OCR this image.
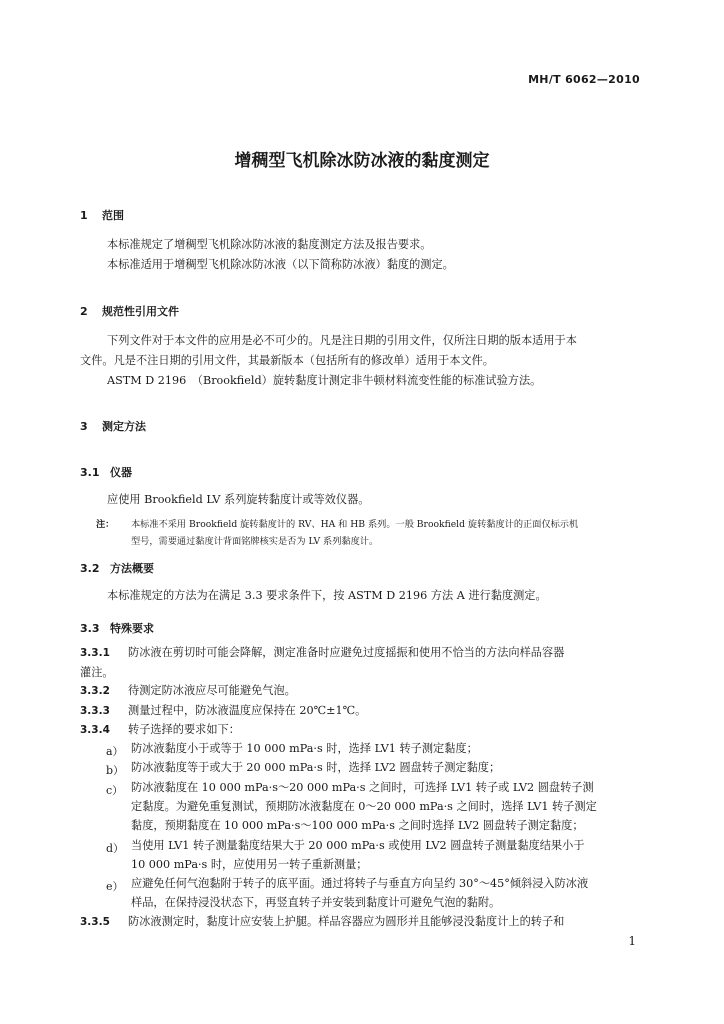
MH/T 6062—2010
增稠型飞机除冰防冰液的黏度测定
1 范围
本标准规定了增稠型飞机除冰防冰液的黏度测定方法及报告要求。
本标准适用于增稠型飞机除冰防冰液（以下简称防冰液）黏度的测定。
2 规范性引用文件
下列文件对于本文件的应用是必不可少的。凡是注日期的引用文件，仅所注日期的版本适用于本
文件。凡是不注日期的引用文件，其最新版本（包括所有的修改单）适用于本文件。
ASTM D 2196　（Brookfield）旋转黏度计测定非牛顿材料流变性能的标准试验方法。
3 测定方法
3.1 仪器
应使用 Brookfield LV 系列旋转黏度计或等效仪器。
注： 本标准不采用 Brookfield 旋转黏度计的 RV、HA 和 HB 系列。一般 Brookfield 旋转黏度计的正面仅标示机
型号，需要通过黏度计背面铭牌核实是否为 LV 系列黏度计。
3.2 方法概要
本标准规定的方法为在满足 3.3 要求条件下，按 ASTM D 2196 方法 A 进行黏度测定。
3.3 特殊要求
3.3.1 防冰液在剪切时可能会降解，测定准备时应避免过度摇振和使用不恰当的方法向样品容器
灌注。
3.3.2 待测定防冰液应尽可能避免气泡。
3.3.3 测量过程中，防冰液温度应保持在 20℃±1℃。
3.3.4 转子选择的要求如下：
a） 防冰液黏度小于或等于 10 000 mPa·s 时，选择 LV1 转子测定黏度；
b） 防冰液黏度等于或大于 20 000 mPa·s 时，选择 LV2 圆盘转子测定黏度；
c） 防冰液黏度在 10 000 mPa·s～20 000 mPa·s 之间时，可选择 LV1 转子或 LV2 圆盘转子测
定黏度。为避免重复测试，预期防冰液黏度在 0～20 000 mPa·s 之间时，选择 LV1 转子测定
黏度，预期黏度在 10 000 mPa·s～100 000 mPa·s 之间时选择 LV2 圆盘转子测定黏度；
d） 当使用 LV1 转子测量黏度结果大于 20 000 mPa·s 或使用 LV2 圆盘转子测量黏度结果小于
10 000 mPa·s 时，应使用另一转子重新测量；
e） 应避免任何气泡黏附于转子的底平面。通过将转子与垂直方向呈约 30°～45°倾斜浸入防冰液
样品，在保持浸没状态下，再竖直转子并安装到黏度计可避免气泡的黏附。
3.3.5 防冰液测定时，黏度计应安装上护腿。样品容器应为圆形并且能够浸没黏度计上的转子和
1
